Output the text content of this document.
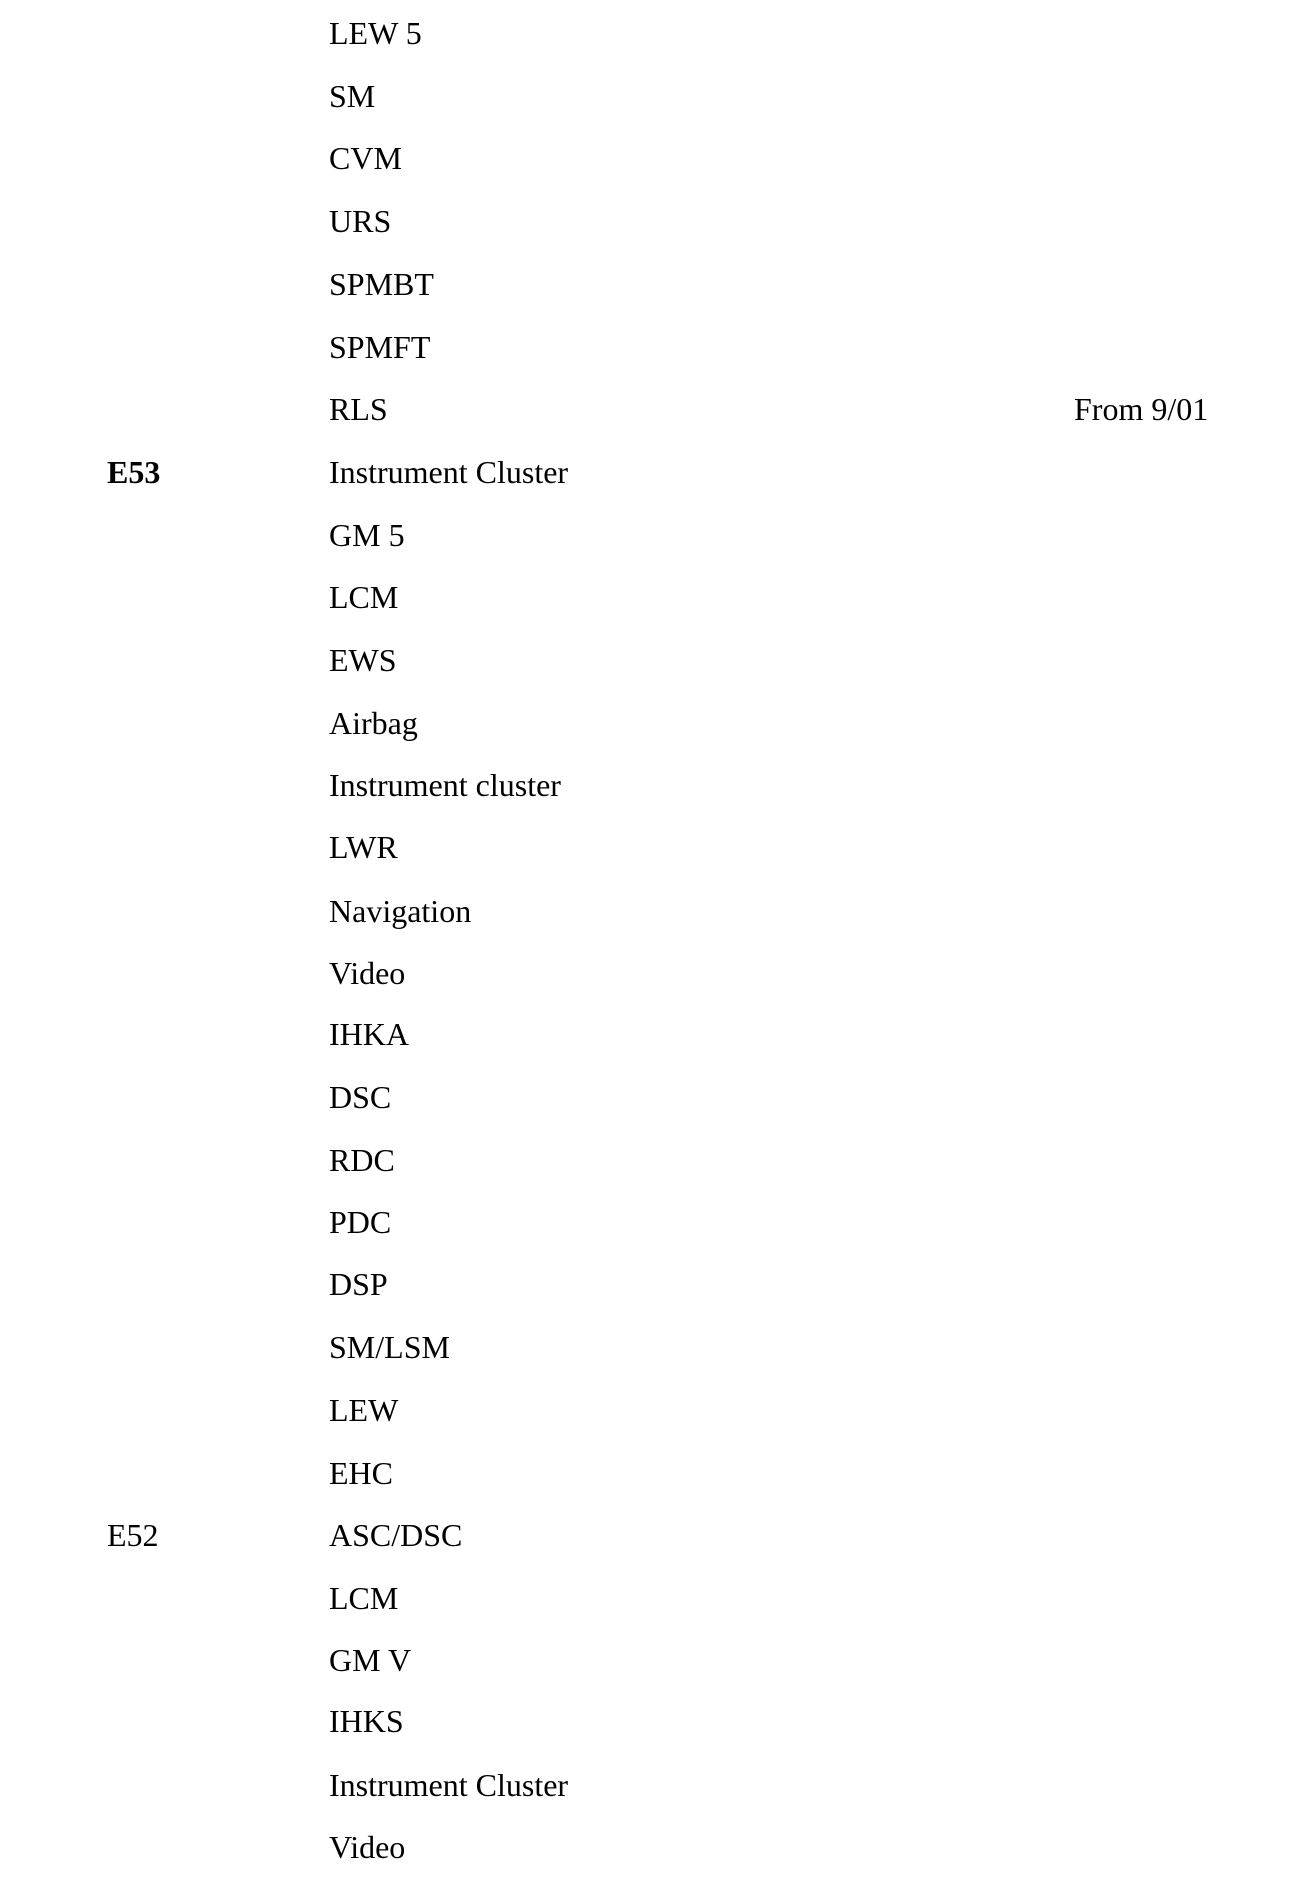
LEW 5
SM
CVM
URS
SPMBT
SPMFT
RLS	From 9/01
E53	Instrument Cluster
GM 5
LCM
EWS
Airbag
Instrument cluster
LWR
Navigation
Video
IHKA
DSC
RDC
PDC
DSP
SM/LSM
LEW
EHC
E52	ASC/DSC
LCM
GM V
IHKS
Instrument Cluster
Video
